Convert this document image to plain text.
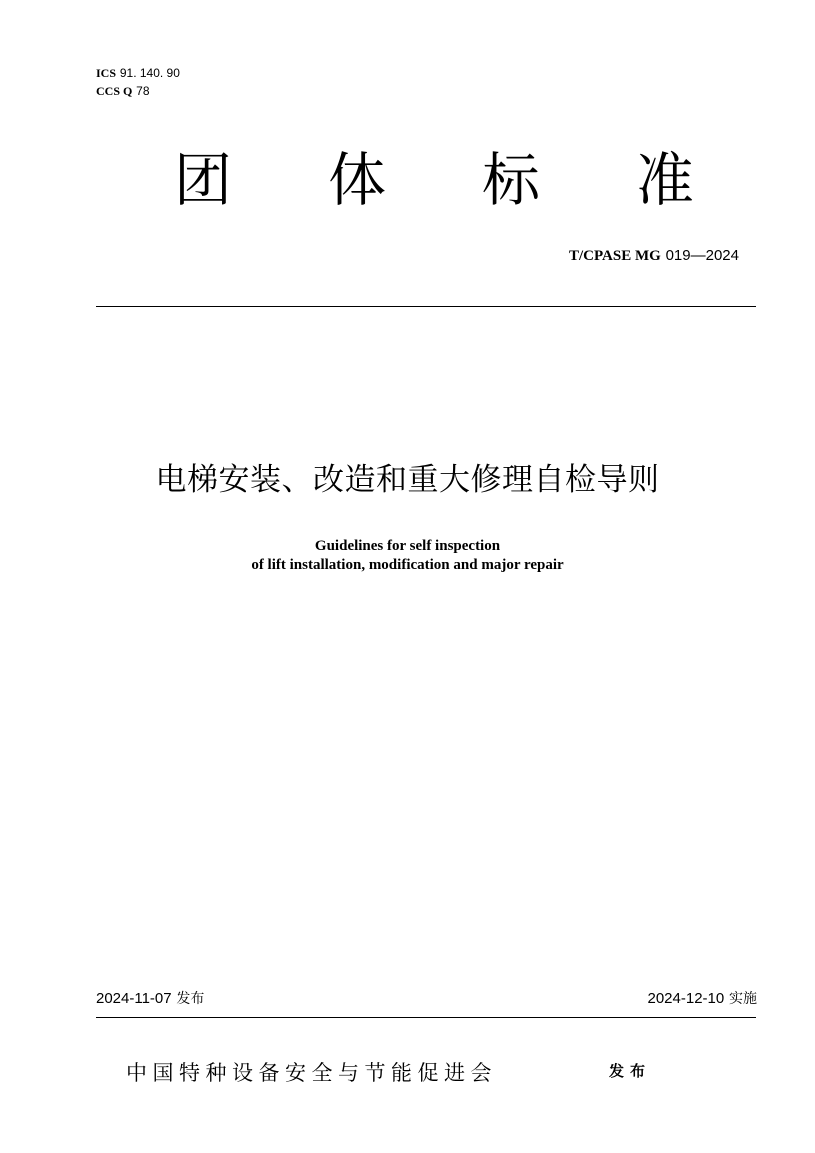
ICS 91. 140. 90
CCS Q 78
团 体 标 准
T/CPASE MG 019—2024
电梯安装、改造和重大修理自检导则
Guidelines for self inspection
of lift installation, modification and major repair
2024-11-07 发布	2024-12-10 实施
中国特种设备安全与节能促进会	发布
